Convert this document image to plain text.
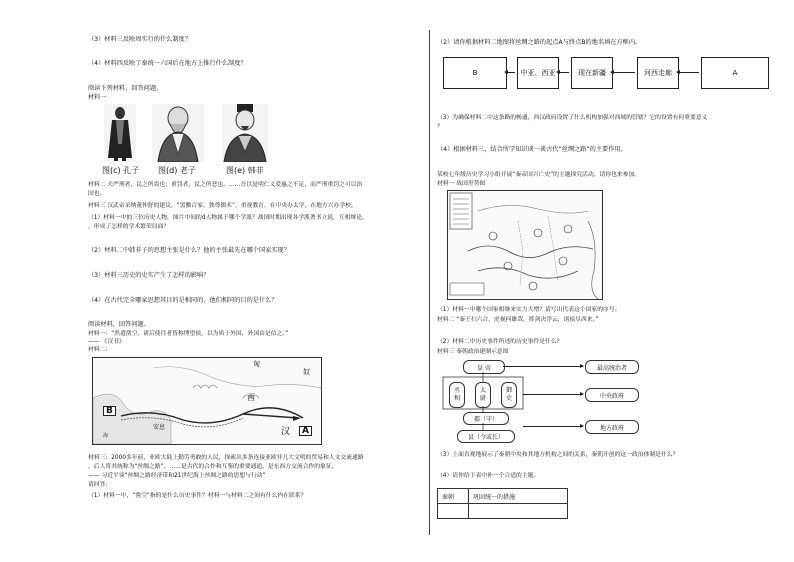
（3）材料三反映周实行的什么制度？
（4）材料四反映了秦统一六国后在地方上推行什么制度？
阅读下列材料，回答问题。
材料一
图(c) 孔子 图(d) 老子	图(e) 韩非
材料二 夫严刑者，民之所畏也；重罚者，民之所恶也。……吾以是明仁义爱惠之不足，而严刑重罚之可以治
国也。
材料三 汉武帝采纳董仲舒的建议，“罢黜百家，独尊儒术”，重视教育，在中央办太学，在地方兴办学校。
（1）材料一中的三位历史人物，图片中间的d人物属于哪个学派？战国时期出现各学派著书立说，互相辩论，
，形成了怎样的学术繁荣局面？
（2）材料二中韩非子的思想主张是什么？他的主张最先在哪个国家实现？
（3）材料三历史的史实产生了怎样的影响？
（4）在古代完全哪家思想其目的是相同的，他们相同的目的是什么？
阅读材料，回答问题。
材料一：“然遣凿空，诸后使往者皆称博望侯，以为质于外国，外国由是信之。”
—— 《汉书》
材料二：
B
A
匈
奴
西
汉
安息
海
材料三：2000多年前，亚欧大陆上勤劳勇敢的人民，探索出多条连接亚欧非几大文明的贸易和人文交流通路
，后人将其统称为“丝绸之路”。……是古代的合作和互鉴的重要通道，是东西方交流合作的象征。
—— 习近平谈“丝绸之路经济带和21世纪海上丝绸之路的思想与行动”
请回答：
（1）材料一中，“凿空”指的是什么历史事件？材料一与材料二之间有什么内在联系？
（2）请你根据材料二地图将丝绸之路的起点A与终点B的地名填在方框内。
B	中亚、西亚	现在新疆	河西走廊	A
（3）为确保材料二中这条路的畅通，西汉政府设置了什么机构加强对西域的管辖？它的设置有何重要意义
？
（4）根据材料三，结合所学知识谈一谈古代“丝绸之路”的主要作用。
某校七年级历史学习小组开展“秦帝国兴亡史”的主题探究活动，请你也来参加。
材料一 战国形势图
（1）材料一中哪个国家相继来实力大增？请写出代表这个国家的序号。
材料二 “秦王扫六合，虎视何雄哉，挥剑决浮云，诸侯尽西来。”
（2）材料二中历史事件所述的历史事件是什么？
材料三 秦朝政治建制示意图
皇 帝	最高统治者
丞
相
太
尉
御
史	中央政府
郡（守）
县（令或长）
地方政府
（3）上面直观地展示了秦朝中央和其地方机构之间的关系，秦朝开创的这一政治体制是什么？
（4）请你给下表中补一个合适的主题。
秦朝	巩固统一的措施
